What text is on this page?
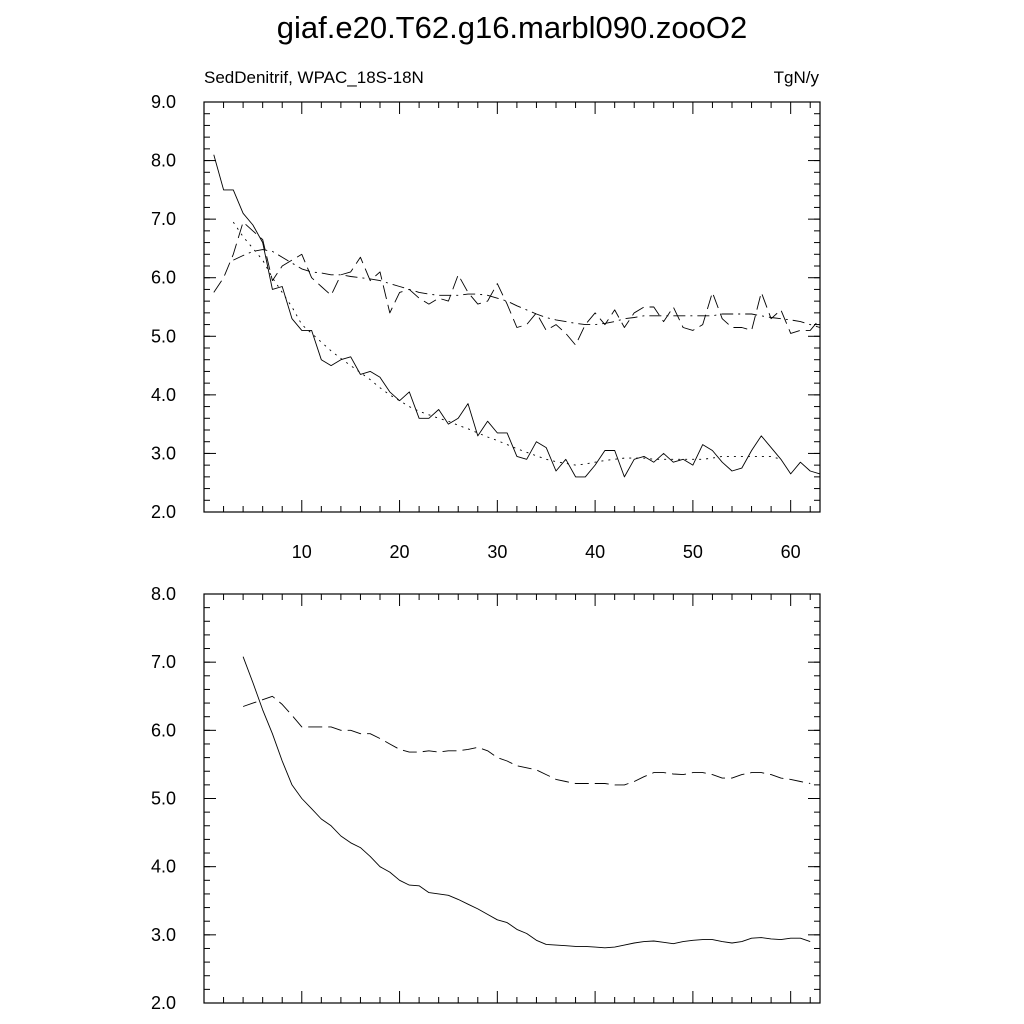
giaf.e20.T62.g16.marbl090.zooO2
SedDenitrif, WPAC_18S-18N	TgN/y
2.0
3.0
4.0
5.0
6.0
7.0
8.0
9.0
10	20	30	40	50	60
2.0
3.0
4.0
5.0
6.0
7.0
8.0
